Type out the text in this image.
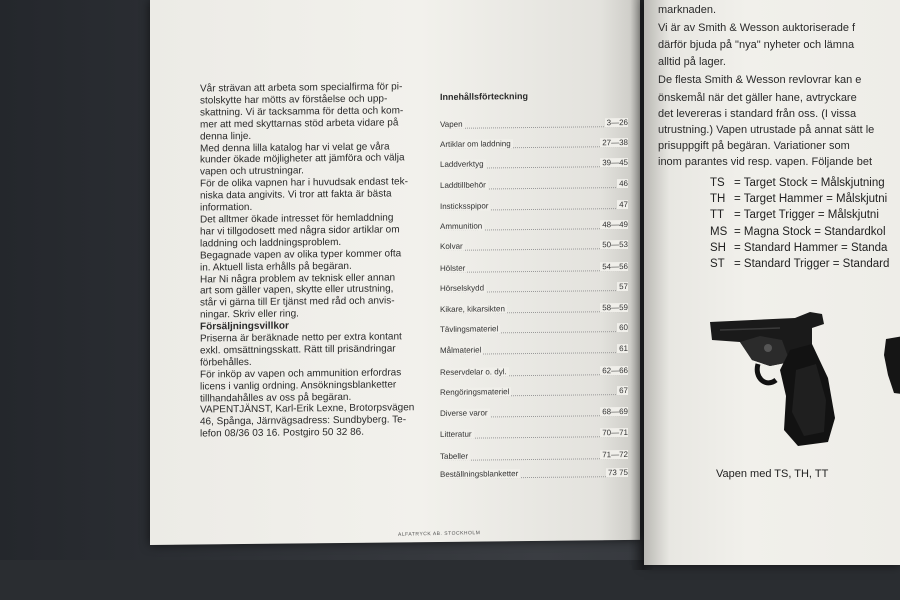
Vår strävan att arbeta som specialfirma för pi-
stolskytte har mötts av förståelse och upp-
skattning. Vi är tacksamma för detta och kom-
mer att med skyttarnas stöd arbeta vidare på
denna linje.
Med denna lilla katalog har vi velat ge våra
kunder ökade möjligheter att jämföra och välja
vapen och utrustningar.
För de olika vapnen har i huvudsak endast tek-
niska data angivits. Vi tror att fakta är bästa
information.
Det alltmer ökade intresset för hemladdning
har vi tillgodosett med några sidor artiklar om
laddning och laddningsproblem.
Begagnade vapen av olika typer kommer ofta
in. Aktuell lista erhålls på begäran.
Har Ni några problem av teknisk eller annan
art som gäller vapen, skytte eller utrustning,
står vi gärna till Er tjänst med råd och anvis-
ningar. Skriv eller ring.
Försäljningsvillkor
Priserna är beräknade netto per extra kontant
exkl. omsättningsskatt. Rätt till prisändringar
förbehålles.
För inköp av vapen och ammunition erfordras
licens i vanlig ordning. Ansökningsblanketter
tillhandahålles av oss på begäran.
VAPENTJÄNST, Karl-Erik Lexne, Brotorpsvägen
46, Spånga, Järnvägsadress: Sundbyberg. Te-
lefon 08/36 03 16. Postgiro 50 32 86.
Innehållsförteckning
Vapen	3—26
Artiklar om laddning	27—38
Laddverktyg	39—45
Laddtillbehör	46
Insticksspipor	47
Ammunition	48—49
Kolvar	50—53
Hölster	54—56
Hörselskydd	57
Kikare, kikarsikten	58—59
Tävlingsmateriel	60
Målmateriel	61
Reservdelar o. dyl.	62—66
Rengöringsmateriel	67
Diverse varor	68—69
Litteratur	70—71
Tabeller	71—72
Beställningsblanketter	73 75
ALFATRYCK AB. STOCKHOLM
marknaden.
Vi är av Smith & Wesson auktoriserade f
därför bjuda på "nya" nyheter och lämna
alltid på lager.
De flesta Smith & Wesson revlovrar kan e
önskemål när det gäller hane, avtryckare
det levereras i standard från oss. (I vissa
utrustning.) Vapen utrustade på annat sätt le
prisuppgift på begäran. Variationer som
inom parantes vid resp. vapen. Följande bet
TS = Target Stock = Målskjutning
TH = Target Hammer = Målskjutni
TT = Target Trigger = Målskjutni
MS = Magna Stock = Standardkol
SH = Standard Hammer = Standa
ST = Standard Trigger = Standard
Vapen med TS, TH, TT
